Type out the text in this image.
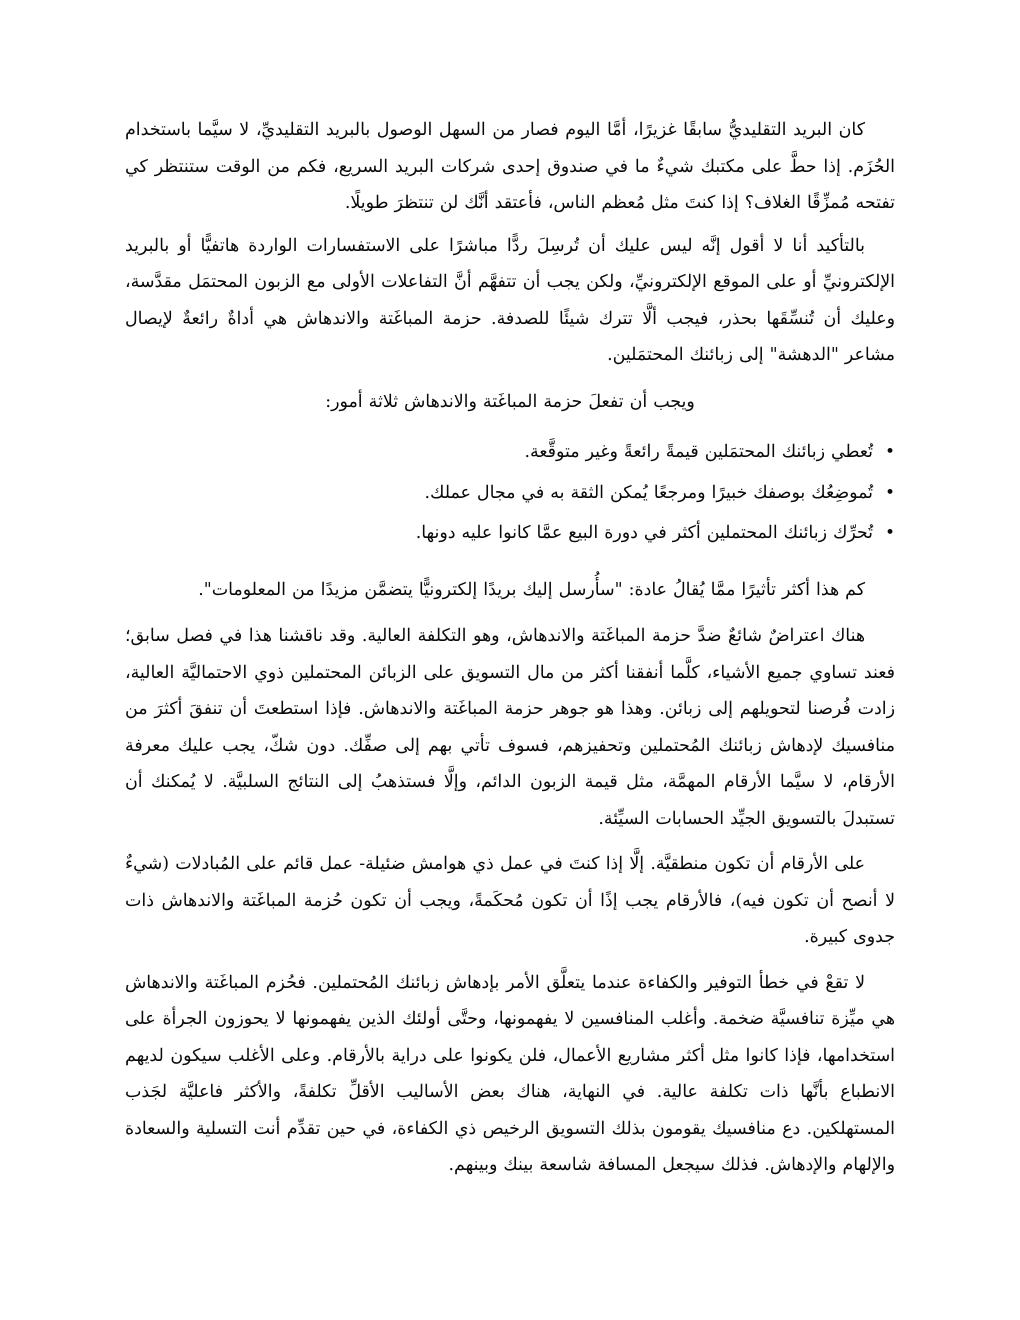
كان البريد التقليديُّ سابقًا غزيرًا، أمَّا اليوم فصار من السهل الوصول بالبريد التقليديِّ، لا سيَّما باستخدام الحُزَم. إذا حطَّ على مكتبك شيءٌ ما في صندوق إحدى شركات البريد السريع، فكم من الوقت ستنتظر كي تفتحه مُمزِّقًا الغلاف؟ إذا كنتَ مثل مُعظم الناس، فأعتقد أنَّك لن تنتظرَ طويلًا.

بالتأكيد أنا لا أقول إنَّه ليس عليك أن تُرسِلَ ردًّا مباشرًا على الاستفسارات الواردة هاتفيًّا أو بالبريد الإلكترونيِّ أو على الموقع الإلكترونيِّ، ولكن يجب أن تتفهَّم أنَّ التفاعلات الأولى مع الزبون المحتمَل مقدَّسة، وعليك أن تُنسِّقَها بحذر، فيجب ألَّا تترك شيئًا للصدفة. حزمة المباغَتة والاندهاش هي أداةٌ رائعةٌ لإيصال مشاعر "الدهشة" إلى زبائنك المحتمَلين.

ويجب أن تفعلَ حزمة المباغَتة والاندهاش ثلاثة أمور:

•
تُعطي زبائنك المحتمَلين قيمةً رائعةً وغير متوقَّعة.
•
تُموضِعُك بوصفك خبيرًا ومرجعًا يُمكن الثقة به في مجال عملك.
•
تُحرِّك زبائنك المحتملين أكثر في دورة البيع عمَّا كانوا عليه دونها.

كم هذا أكثر تأثيرًا ممَّا يُقالُ عادة: "سأُرسل إليك بريدًا إلكترونيًّا يتضمَّن مزيدًا من المعلومات".

هناك اعتراضٌ شائعٌ ضدَّ حزمة المباغَتة والاندهاش، وهو التكلفة العالية. وقد ناقشنا هذا في فصل سابق؛ فعند تساوي جميع الأشياء، كلَّما أنفقنا أكثر من مال التسويق على الزبائن المحتملين ذوي الاحتماليَّة العالية، زادت فُرصنا لتحويلهم إلى زبائن. وهذا هو جوهر حزمة المباغَتة والاندهاش. فإذا استطعتَ أن تنفقَ أكثرَ من منافسيك لإدهاش زبائنك المُحتملين وتحفيزهم، فسوف تأتي بهم إلى صفِّك. دون شكّ، يجب عليك معرفة الأرقام، لا سيَّما الأرقام المهمَّة، مثل قيمة الزبون الدائم، وإلَّا فستذهبُ إلى النتائج السلبيَّة. لا يُمكنك أن تستبدلَ بالتسويق الجيِّد الحسابات السيِّئة.

على الأرقام أن تكون منطقيَّة. إلَّا إذا كنتَ في عمل ذي هوامش ضئيلة- عمل قائم على المُبادلات (شيءٌ لا أنصح أن تكون فيه)، فالأرقام يجب إذًا أن تكون مُحكَمةً، ويجب أن تكون حُزمة المباغَتة والاندهاش ذات جدوى كبيرة.

لا تقعْ في خطأ التوفير والكفاءة عندما يتعلَّق الأمر بإدهاش زبائنك المُحتملين. فحُزم المباغَتة والاندهاش هي ميِّزة تنافسيَّة ضخمة. وأغلب المنافسين لا يفهمونها، وحتَّى أولئك الذين يفهمونها لا يحوزون الجرأة على استخدامها، فإذا كانوا مثل أكثر مشاريع الأعمال، فلن يكونوا على دراية بالأرقام. وعلى الأغلب سيكون لديهم الانطباع بأنَّها ذات تكلفة عالية. في النهاية، هناك بعض الأساليب الأقلِّ تكلفةً، والأكثر فاعليَّة لجَذب المستهلكين. دع منافسيك يقومون بذلك التسويق الرخيص ذي الكفاءة، في حين تقدِّم أنت التسلية والسعادة والإلهام والإدهاش. فذلك سيجعل المسافة شاسعة بينك وبينهم.
